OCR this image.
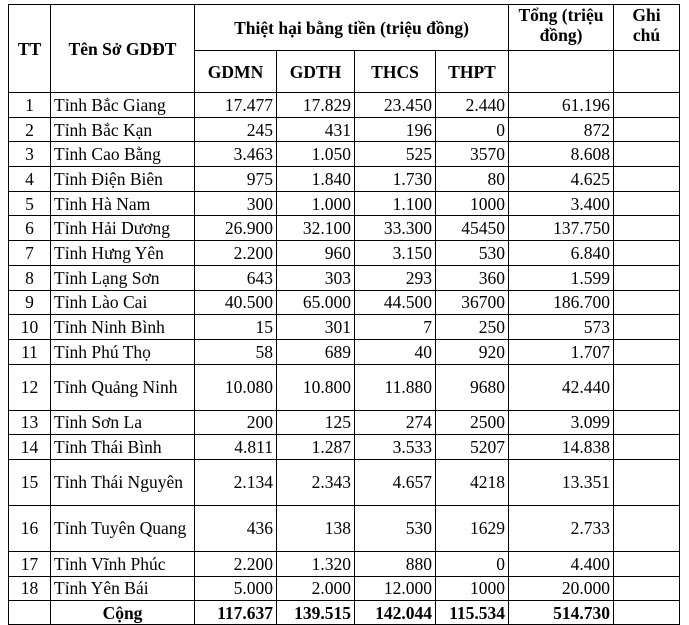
TT	Tên Sở GDĐT	Thiệt hại bằng tiền (triệu đồng)				Tổng (triệu đồng)	Ghi chú
		GDMN	GDTH	THCS	THPT		
1	Tỉnh Bắc Giang	17.477	17.829	23.450	2.440	61.196	
2	Tỉnh Bắc Kạn	245	431	196	0	872	
3	Tỉnh Cao Bằng	3.463	1.050	525	3570	8.608	
4	Tỉnh Điện Biên	975	1.840	1.730	80	4.625	
5	Tỉnh Hà Nam	300	1.000	1.100	1000	3.400	
6	Tỉnh Hải Dương	26.900	32.100	33.300	45450	137.750	
7	Tỉnh Hưng Yên	2.200	960	3.150	530	6.840	
8	Tỉnh Lạng Sơn	643	303	293	360	1.599	
9	Tỉnh Lào Cai	40.500	65.000	44.500	36700	186.700	
10	Tỉnh Ninh Bình	15	301	7	250	573	
11	Tỉnh Phú Thọ	58	689	40	920	1.707	
12	Tỉnh Quảng Ninh	10.080	10.800	11.880	9680	42.440	
13	Tỉnh Sơn La	200	125	274	2500	3.099	
14	Tỉnh Thái Bình	4.811	1.287	3.533	5207	14.838	
15	Tỉnh Thái Nguyên	2.134	2.343	4.657	4218	13.351	
16	Tỉnh Tuyên Quang	436	138	530	1629	2.733	
17	Tỉnh Vĩnh Phúc	2.200	1.320	880	0	4.400	
18	Tỉnh Yên Bái	5.000	2.000	12.000	1000	20.000	
	Cộng	117.637	139.515	142.044	115.534	514.730	
